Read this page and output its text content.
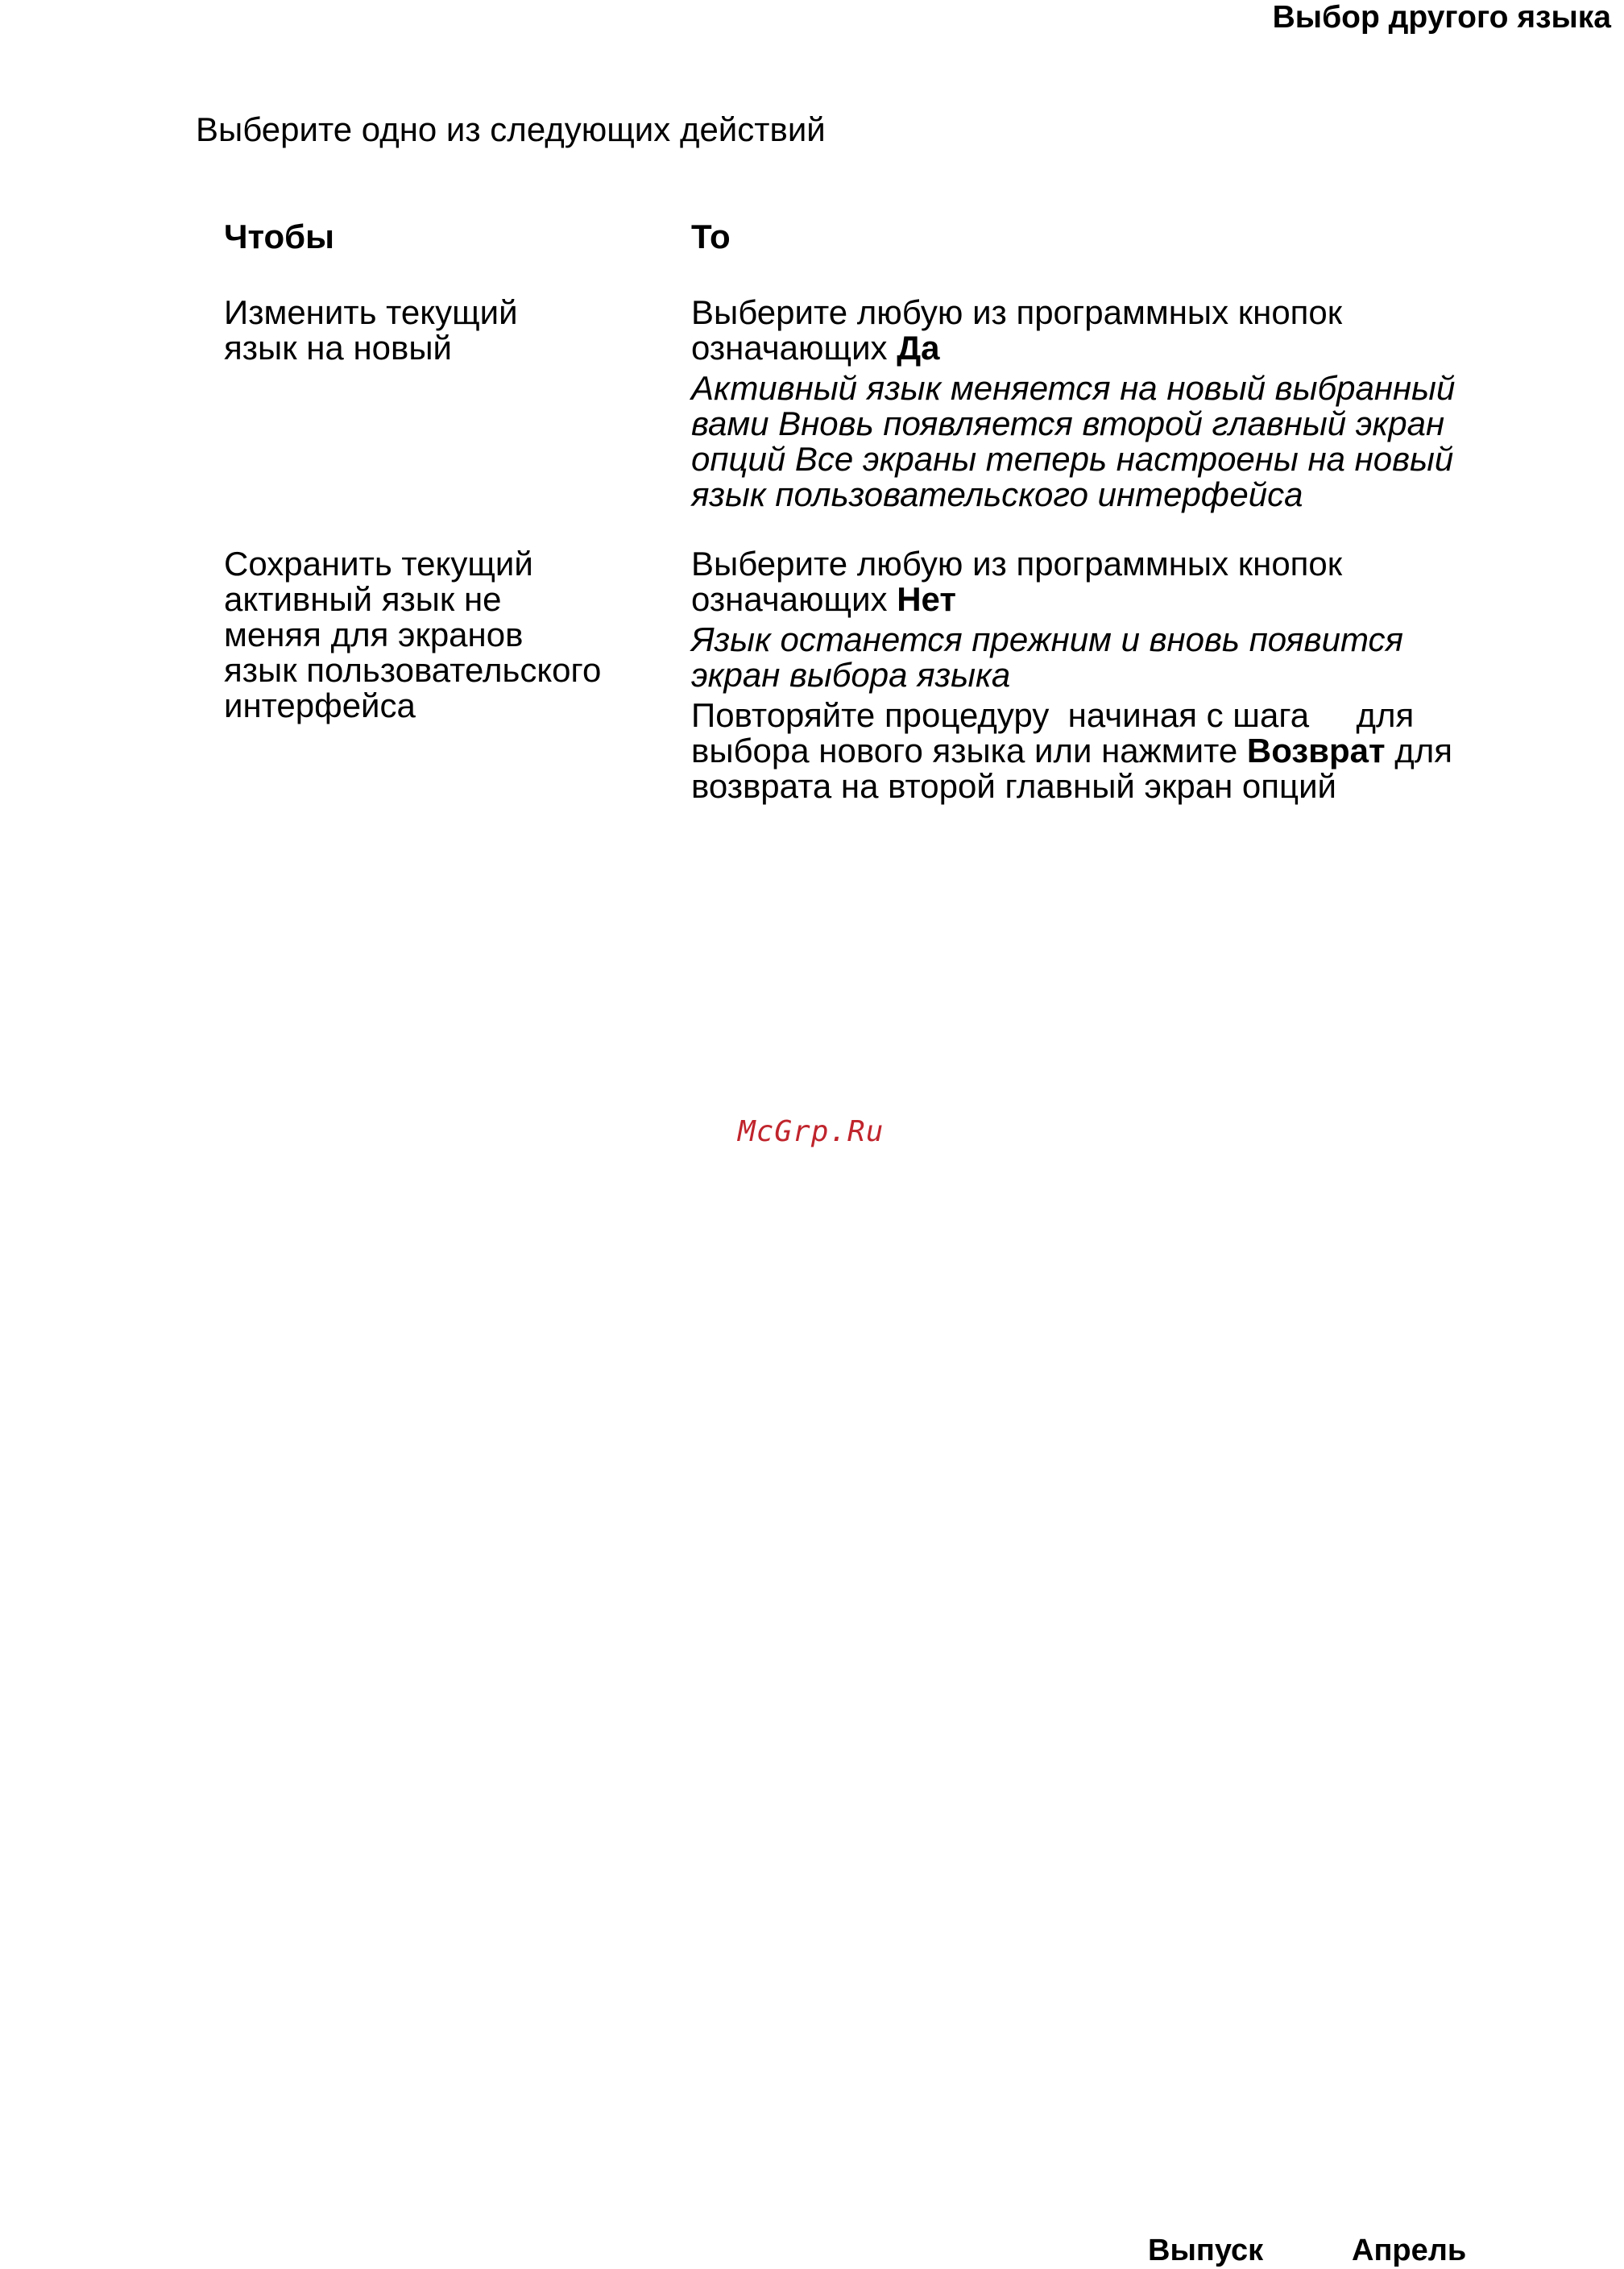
Выбор другого языка
Выберите одно из следующих действий
Чтобы	То

Изменить текущий

язык на новый

Выберите любую из программных кнопок

означающих Да

Активный язык меняется на новый выбранный

вами Вновь появляется второй главный экран

опций Все экраны теперь настроены на новый

язык пользовательского интерфейса

Сохранить текущий

активный язык не

меняя для экранов

язык пользовательского

интерфейса

Выберите любую из программных кнопок

означающих Нет

Язык останется прежним и вновь появится

экран выбора языка

Повторяйте процедуру  начиная с шага     для

выбора нового языка или нажмите Возврат для

возврата на второй главный экран опций

McGrp.Ru
Выпуск	Апрель
